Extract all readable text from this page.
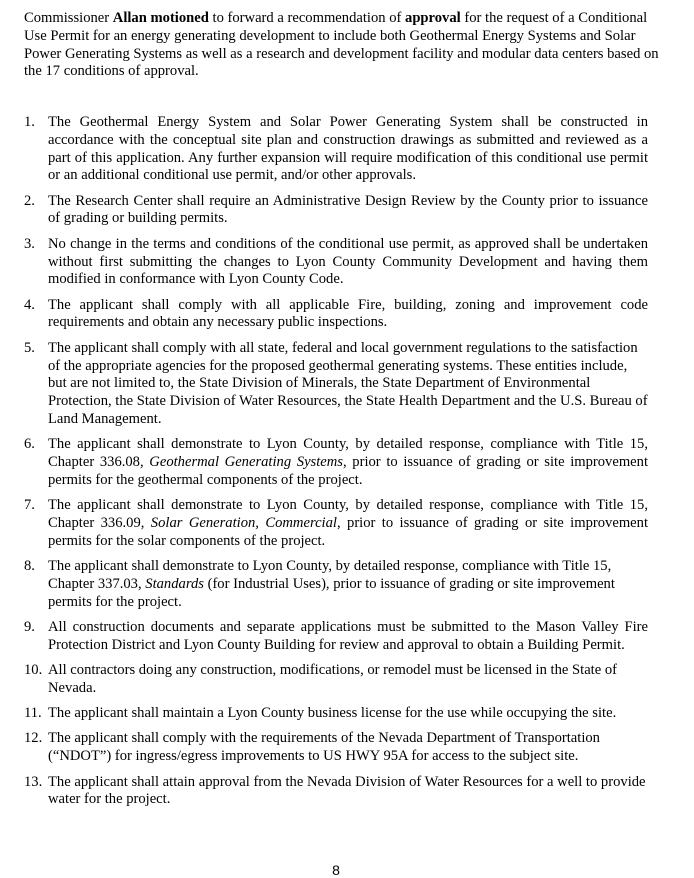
Commissioner Allan motioned to forward a recommendation of approval for the request of a Conditional Use Permit for an energy generating development to include both Geothermal Energy Systems and Solar Power Generating Systems as well as a research and development facility and modular data centers based on the 17 conditions of approval.

1. The Geothermal Energy System and Solar Power Generating System shall be constructed in accordance with the conceptual site plan and construction drawings as submitted and reviewed as a part of this application. Any further expansion will require modification of this conditional use permit or an additional conditional use permit, and/or other approvals.
2. The Research Center shall require an Administrative Design Review by the County prior to issuance of grading or building permits.
3. No change in the terms and conditions of the conditional use permit, as approved shall be undertaken without first submitting the changes to Lyon County Community Development and having them modified in conformance with Lyon County Code.
4. The applicant shall comply with all applicable Fire, building, zoning and improvement code requirements and obtain any necessary public inspections.
5. The applicant shall comply with all state, federal and local government regulations to the satisfaction of the appropriate agencies for the proposed geothermal generating systems. These entities include, but are not limited to, the State Division of Minerals, the State Department of Environmental Protection, the State Division of Water Resources, the State Health Department and the U.S. Bureau of Land Management.
6. The applicant shall demonstrate to Lyon County, by detailed response, compliance with Title 15, Chapter 336.08, Geothermal Generating Systems, prior to issuance of grading or site improvement permits for the geothermal components of the project.
7. The applicant shall demonstrate to Lyon County, by detailed response, compliance with Title 15, Chapter 336.09, Solar Generation, Commercial, prior to issuance of grading or site improvement permits for the solar components of the project.
8. The applicant shall demonstrate to Lyon County, by detailed response, compliance with Title 15, Chapter 337.03, Standards (for Industrial Uses), prior to issuance of grading or site improvement permits for the project.
9. All construction documents and separate applications must be submitted to the Mason Valley Fire Protection District and Lyon County Building for review and approval to obtain a Building Permit.
10. All contractors doing any construction, modifications, or remodel must be licensed in the State of Nevada.
11. The applicant shall maintain a Lyon County business license for the use while occupying the site.
12. The applicant shall comply with the requirements of the Nevada Department of Transportation (“NDOT”) for ingress/egress improvements to US HWY 95A for access to the subject site.
13. The applicant shall attain approval from the Nevada Division of Water Resources for a well to provide water for the project.
8
